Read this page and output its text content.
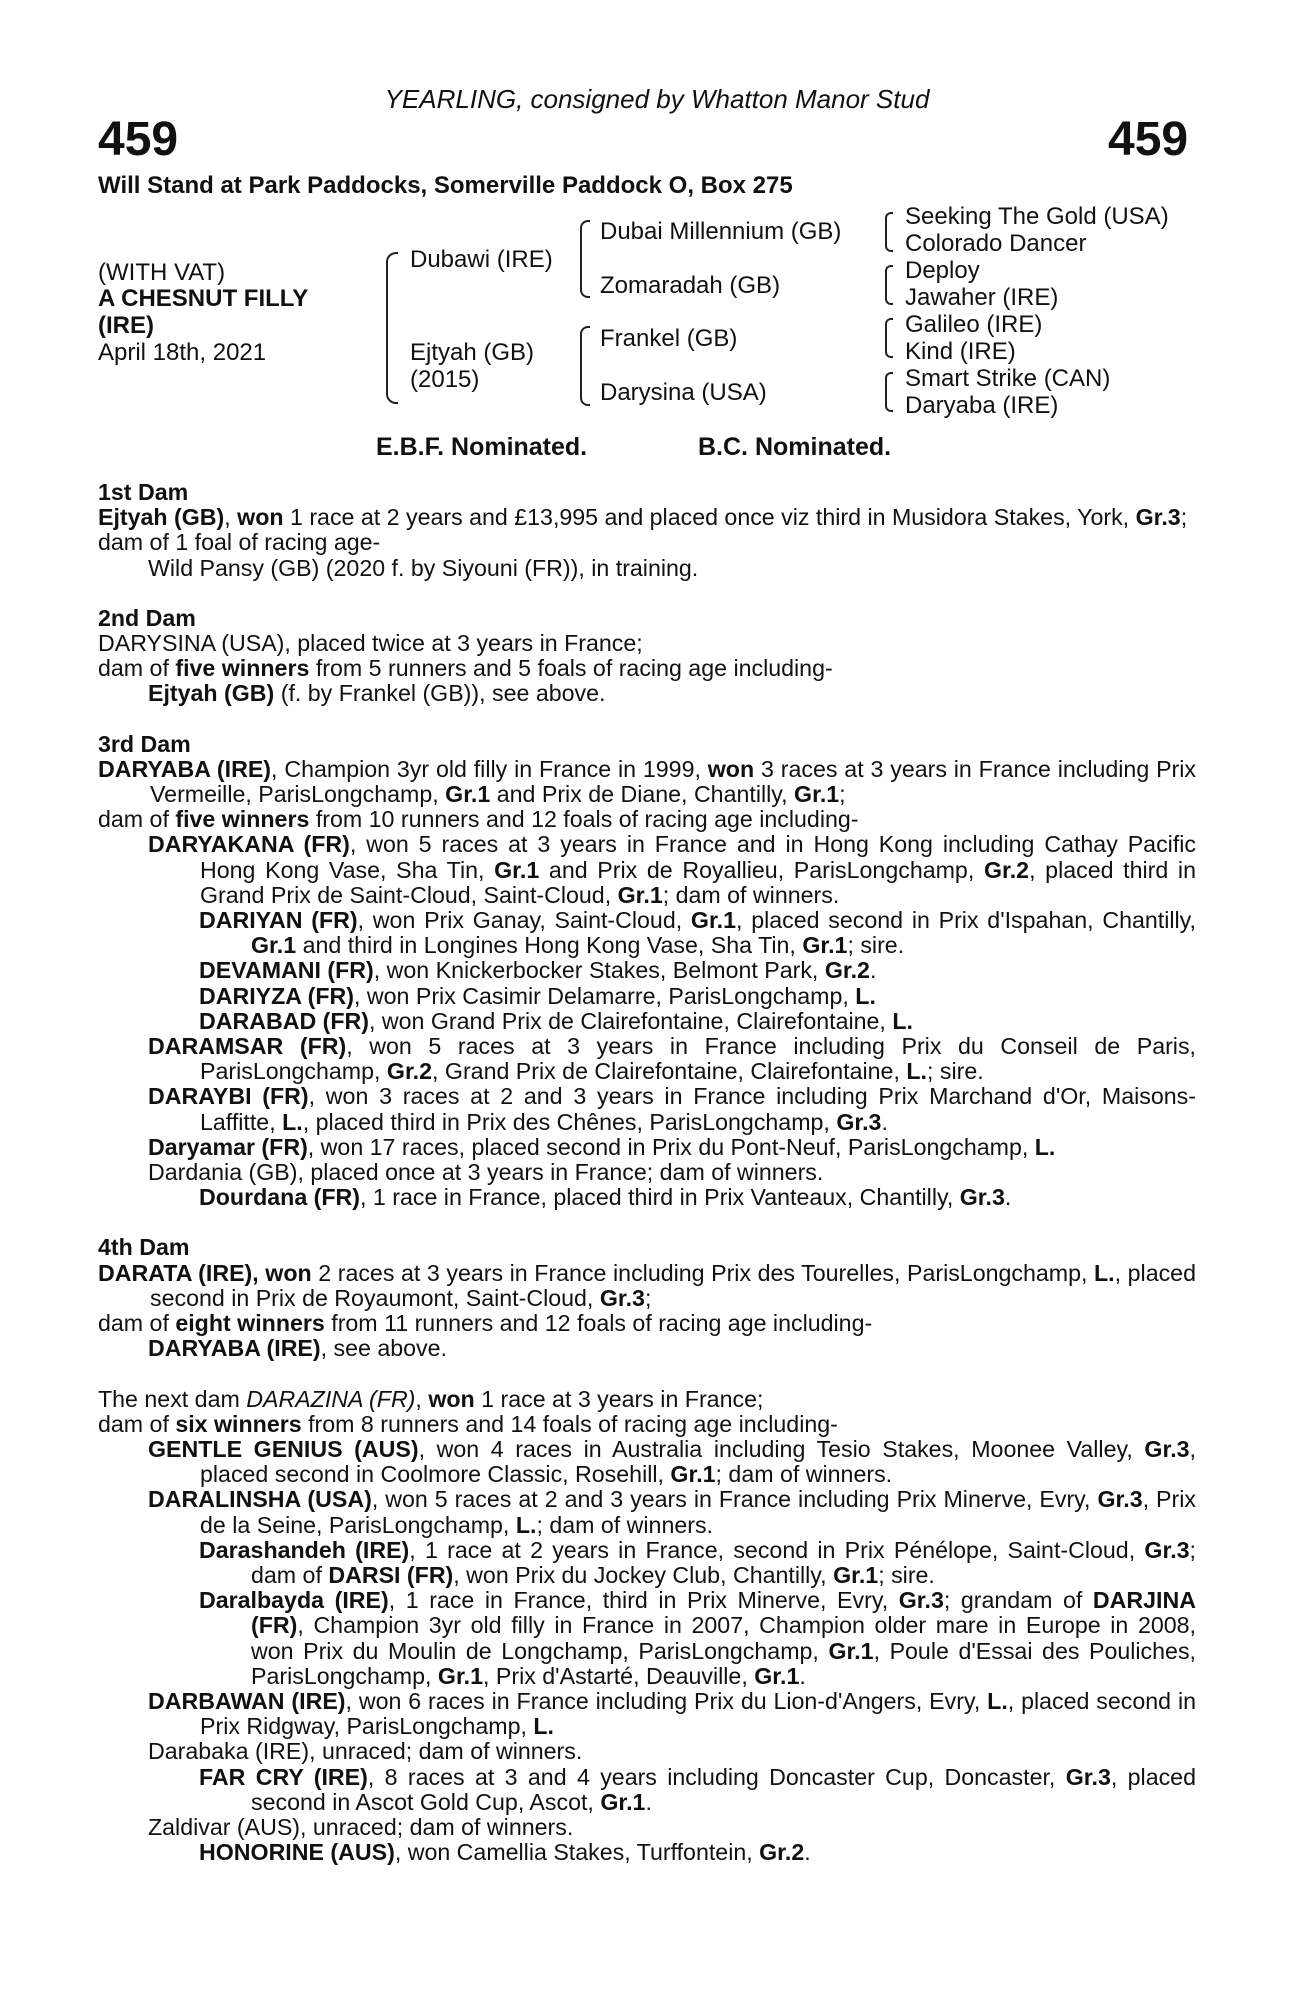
YEARLING, consigned by Whatton Manor Stud
459	459
Will Stand at Park Paddocks, Somerville Paddock O, Box 275
(WITH VAT)
A CHESNUT FILLY
(IRE)
April 18th, 2021
Dubawi (IRE)
Ejtyah (GB)
(2015)
Dubai Millennium (GB)
Zomaradah (GB)
Frankel (GB)
Darysina (USA)
Seeking The Gold (USA)
Colorado Dancer
Deploy
Jawaher (IRE)
Galileo (IRE)
Kind (IRE)
Smart Strike (CAN)
Daryaba (IRE)
E.B.F. Nominated.	B.C. Nominated.

1st Dam

Ejtyah (GB), won 1 race at 2 years and £13,995 and placed once viz third in Musidora Stakes, York, Gr.3;

dam of 1 foal of racing age-

Wild Pansy (GB) (2020 f. by Siyouni (FR)), in training.

2nd Dam

DARYSINA (USA), placed twice at 3 years in France;

dam of five winners from 5 runners and 5 foals of racing age including-

Ejtyah (GB) (f. by Frankel (GB)), see above.

3rd Dam

DARYABA (IRE), Champion 3yr old filly in France in 1999, won 3 races at 3 years in France including Prix Vermeille, ParisLongchamp, Gr.1 and Prix de Diane, Chantilly, Gr.1;

dam of five winners from 10 runners and 12 foals of racing age including-

DARYAKANA (FR), won 5 races at 3 years in France and in Hong Kong including Cathay Pacific Hong Kong Vase, Sha Tin, Gr.1 and Prix de Royallieu, ParisLongchamp, Gr.2, placed third in Grand Prix de Saint-Cloud, Saint-Cloud, Gr.1; dam of winners.

DARIYAN (FR), won Prix Ganay, Saint-Cloud, Gr.1, placed second in Prix d'Ispahan, Chantilly, Gr.1 and third in Longines Hong Kong Vase, Sha Tin, Gr.1; sire.

DEVAMANI (FR), won Knickerbocker Stakes, Belmont Park, Gr.2.

DARIYZA (FR), won Prix Casimir Delamarre, ParisLongchamp, L.

DARABAD (FR), won Grand Prix de Clairefontaine, Clairefontaine, L.

DARAMSAR (FR), won 5 races at 3 years in France including Prix du Conseil de Paris, ParisLongchamp, Gr.2, Grand Prix de Clairefontaine, Clairefontaine, L.; sire.

DARAYBI (FR), won 3 races at 2 and 3 years in France including Prix Marchand d'Or, Maisons-Laffitte, L., placed third in Prix des Chênes, ParisLongchamp, Gr.3.

Daryamar (FR), won 17 races, placed second in Prix du Pont-Neuf, ParisLongchamp, L.

Dardania (GB), placed once at 3 years in France; dam of winners.

Dourdana (FR), 1 race in France, placed third in Prix Vanteaux, Chantilly, Gr.3.

4th Dam

DARATA (IRE), won 2 races at 3 years in France including Prix des Tourelles, ParisLongchamp, L., placed second in Prix de Royaumont, Saint-Cloud, Gr.3;

dam of eight winners from 11 runners and 12 foals of racing age including-

DARYABA (IRE), see above.

The next dam DARAZINA (FR), won 1 race at 3 years in France;

dam of six winners from 8 runners and 14 foals of racing age including-

GENTLE GENIUS (AUS), won 4 races in Australia including Tesio Stakes, Moonee Valley, Gr.3, placed second in Coolmore Classic, Rosehill, Gr.1; dam of winners.

DARALINSHA (USA), won 5 races at 2 and 3 years in France including Prix Minerve, Evry, Gr.3, Prix de la Seine, ParisLongchamp, L.; dam of winners.

Darashandeh (IRE), 1 race at 2 years in France, second in Prix Pénélope, Saint-Cloud, Gr.3; dam of DARSI (FR), won Prix du Jockey Club, Chantilly, Gr.1; sire.

Daralbayda (IRE), 1 race in France, third in Prix Minerve, Evry, Gr.3; grandam of DARJINA (FR), Champion 3yr old filly in France in 2007, Champion older mare in Europe in 2008, won Prix du Moulin de Longchamp, ParisLongchamp, Gr.1, Poule d'Essai des Pouliches, ParisLongchamp, Gr.1, Prix d'Astarté, Deauville, Gr.1.

DARBAWAN (IRE), won 6 races in France including Prix du Lion-d'Angers, Evry, L., placed second in Prix Ridgway, ParisLongchamp, L.

Darabaka (IRE), unraced; dam of winners.

FAR CRY (IRE), 8 races at 3 and 4 years including Doncaster Cup, Doncaster, Gr.3, placed second in Ascot Gold Cup, Ascot, Gr.1.

Zaldivar (AUS), unraced; dam of winners.

HONORINE (AUS), won Camellia Stakes, Turffontein, Gr.2.
